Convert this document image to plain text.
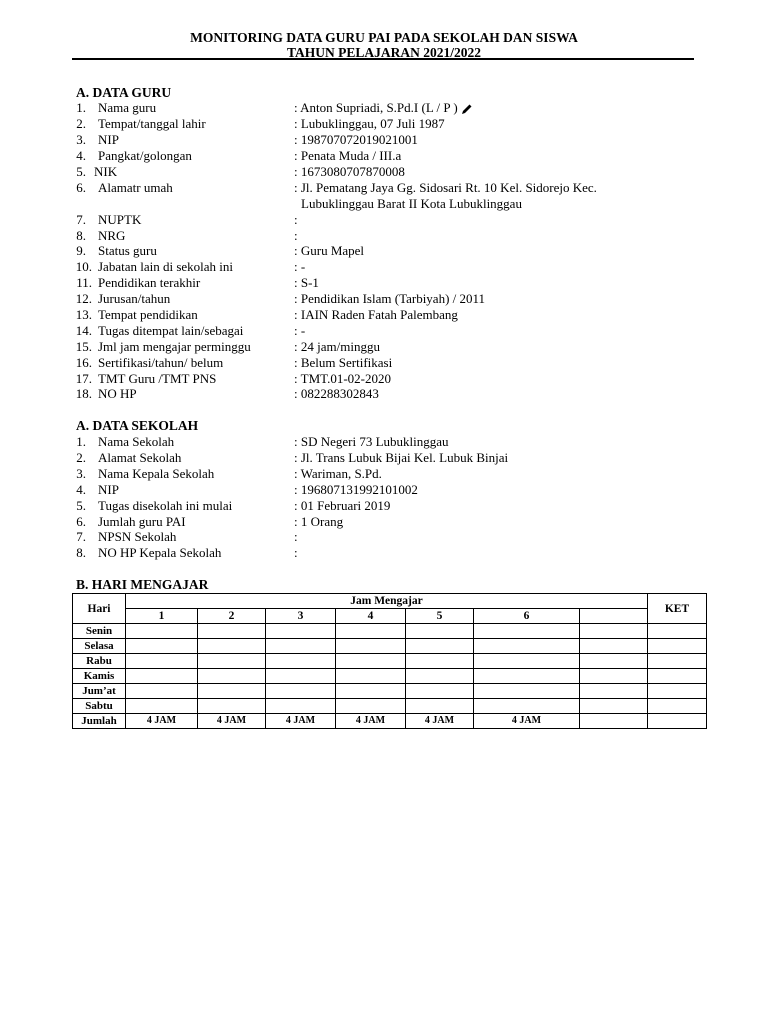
MONITORING DATA GURU PAI PADA SEKOLAH DAN SISWA
TAHUN PELAJARAN 2021/2022
A. DATA GURU
1. Nama guru	: Anton Supriadi, S.Pd.I (L / P )
2. Tempat/tanggal lahir	: Lubuklinggau, 07 Juli 1987
3. NIP	: 198707072019021001
4. Pangkat/golongan	: Penata Muda / III.a
5. NIK	: 1673080707870008
6. Alamatr umah	: Jl. Pematang Jaya Gg. Sidosari Rt. 10 Kel. Sidorejo Kec.
Lubuklinggau Barat II Kota Lubuklinggau
7. NUPTK	:
8. NRG	:
9. Status guru	: Guru Mapel
10. Jabatan lain di sekolah ini	: -
11. Pendidikan terakhir	: S-1
12. Jurusan/tahun	: Pendidikan Islam (Tarbiyah) / 2011
13. Tempat pendidikan	: IAIN Raden Fatah Palembang
14. Tugas ditempat lain/sebagai	: -
15. Jml jam mengajar perminggu	: 24 jam/minggu
16. Sertifikasi/tahun/ belum	: Belum Sertifikasi
17. TMT Guru /TMT PNS	: TMT.01-02-2020
18. NO HP	: 082288302843
A. DATA SEKOLAH
1. Nama Sekolah	: SD Negeri 73 Lubuklinggau
2. Alamat Sekolah	: Jl. Trans Lubuk Bijai Kel. Lubuk Binjai
3. Nama Kepala Sekolah	: Wariman, S.Pd.
4. NIP	: 196807131992101002
5. Tugas disekolah ini mulai	: 01 Februari 2019
6. Jumlah guru PAI	: 1 Orang
7. NPSN Sekolah	:
8. NO HP Kepala Sekolah	:
B. HARI MENGAJAR
Hari	Jam Mengajar							KET
	1	2	3	4	5	6		
Senin								
Selasa								
Rabu								
Kamis								
Jum’at								
Sabtu								
Jumlah	4 JAM	4 JAM	4 JAM	4 JAM	4 JAM	4 JAM		
